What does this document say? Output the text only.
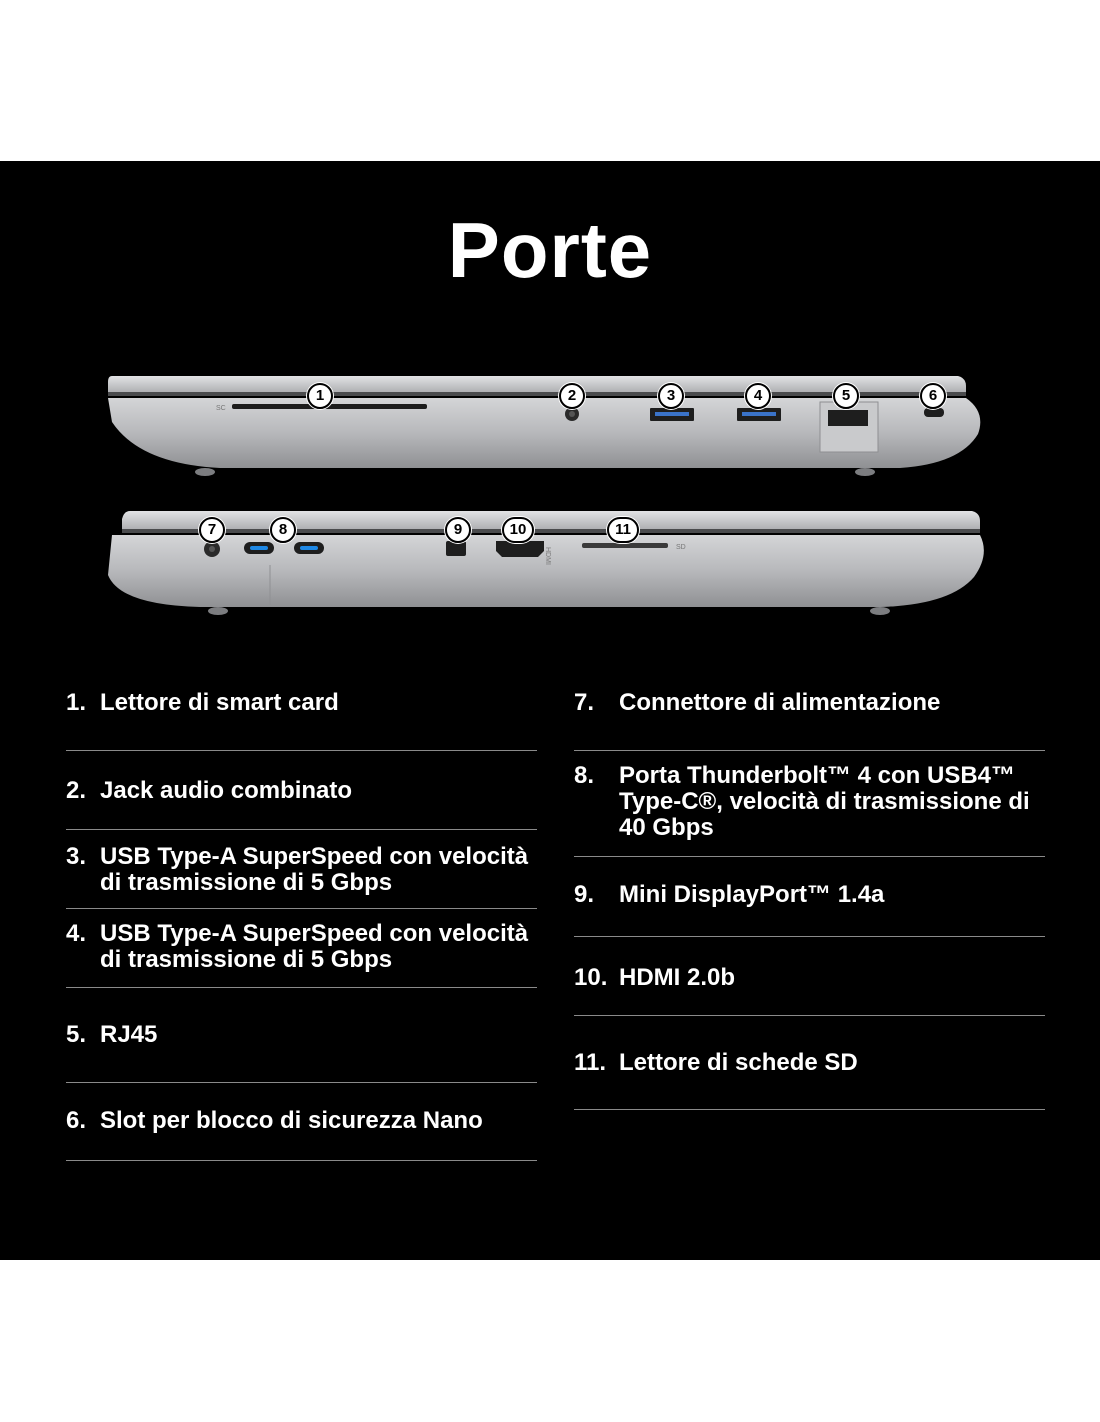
Porte
SC
HDMI	SD
1	2	3	4	5	6
7	8	9	10	11
1. Lettore di smart card
2. Jack audio combinato
3. USB Type-A SuperSpeed con velocità di trasmissione di 5 Gbps
4. USB Type-A SuperSpeed con velocità di trasmissione di 5 Gbps
5. RJ45
6. Slot per blocco di sicurezza Nano
7.	Connettore di alimentazione
8.	Porta Thunderbolt™ 4 con USB4™ Type-C®, velocità di trasmissione di 40 Gbps
9.	Mini DisplayPort™ 1.4a
10. HDMI 2.0b
11. Lettore di schede SD
